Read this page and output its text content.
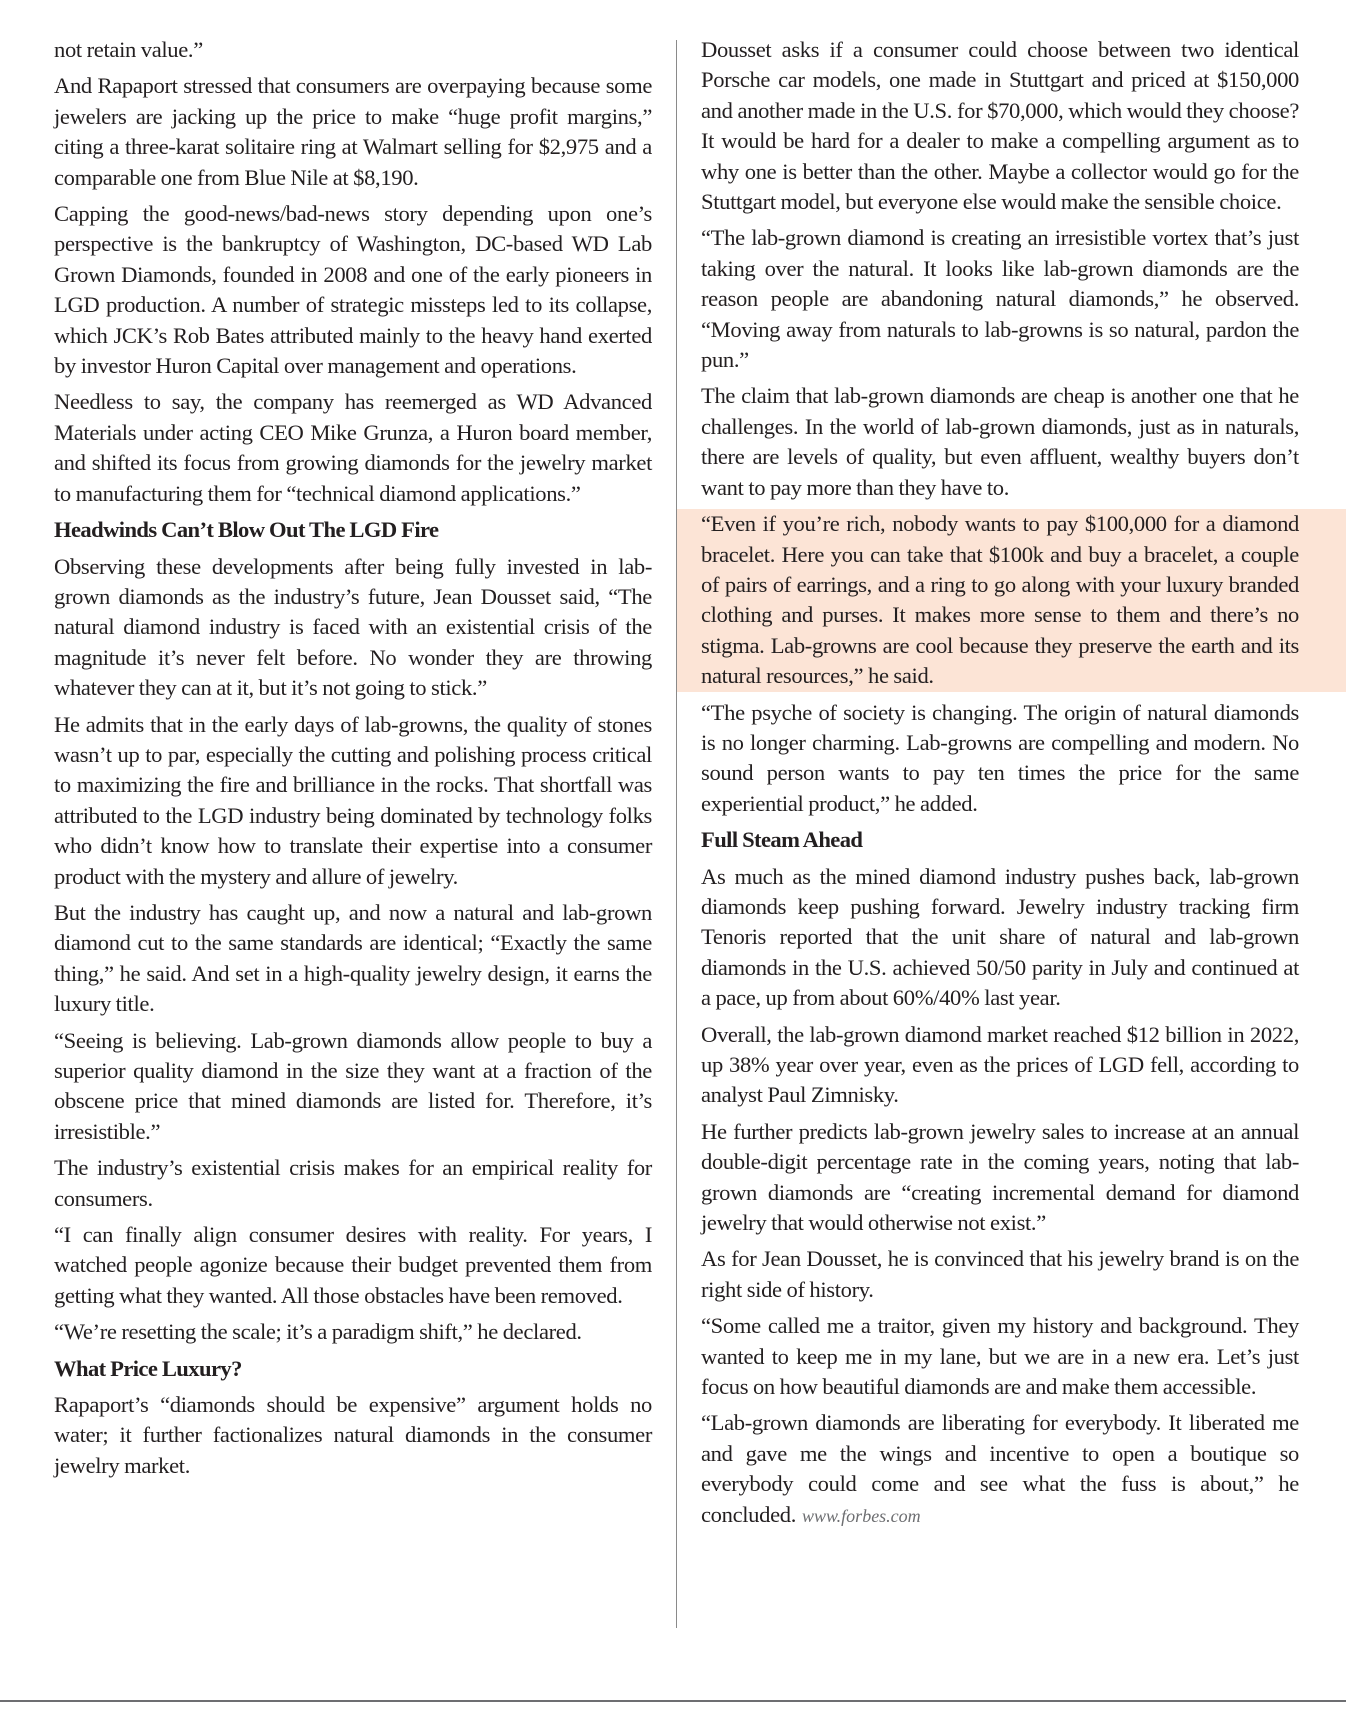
not retain value.”

And Rapaport stressed that consumers are overpaying because some jewelers are jacking up the price to make “huge profit margins,” citing a three-karat solitaire ring at Walmart selling for $2,975 and a comparable one from Blue Nile at $8,190.

Capping the good-news/bad-news story depending upon one’s perspective is the bankruptcy of Washington, DC-based WD Lab Grown Diamonds, founded in 2008 and one of the early pioneers in LGD production. A number of strategic missteps led to its collapse, which JCK’s Rob Bates attributed mainly to the heavy hand exerted by investor Huron Capital over management and operations.

Needless to say, the company has reemerged as WD Advanced Materials under acting CEO Mike Grunza, a Huron board member, and shifted its focus from growing diamonds for the jewelry market to manufacturing them for “technical diamond applications.”

Headwinds Can’t Blow Out The LGD Fire

Observing these developments after being fully invested in lab-grown diamonds as the industry’s future, Jean Dousset said, “The natural diamond industry is faced with an existential crisis of the magnitude it’s never felt before. No wonder they are throwing whatever they can at it, but it’s not going to stick.”

He admits that in the early days of lab-growns, the quality of stones wasn’t up to par, especially the cutting and polishing process critical to maximizing the fire and brilliance in the rocks. That shortfall was attributed to the LGD industry being dominated by technology folks who didn’t know how to translate their expertise into a consumer product with the mystery and allure of jewelry.

But the industry has caught up, and now a natural and lab-grown diamond cut to the same standards are identical; “Exactly the same thing,” he said. And set in a high-quality jewelry design, it earns the luxury title.

“Seeing is believing. Lab-grown diamonds allow people to buy a superior quality diamond in the size they want at a fraction of the obscene price that mined diamonds are listed for. Therefore, it’s irresistible.”

The industry’s existential crisis makes for an empirical reality for consumers.

“I can finally align consumer desires with reality. For years, I watched people agonize because their budget prevented them from getting what they wanted. All those obstacles have been removed.

“We’re resetting the scale; it’s a paradigm shift,” he declared.

What Price Luxury?

Rapaport’s “diamonds should be expensive” argument holds no water; it further factionalizes natural diamonds in the consumer jewelry market.

Dousset asks if a consumer could choose between two identical Porsche car models, one made in Stuttgart and priced at $150,000 and another made in the U.S. for $70,000, which would they choose? It would be hard for a dealer to make a compelling argument as to why one is better than the other. Maybe a collector would go for the Stuttgart model, but everyone else would make the sensible choice.

“The lab-grown diamond is creating an irresistible vortex that’s just taking over the natural. It looks like lab-grown diamonds are the reason people are abandoning natural diamonds,” he observed. “Moving away from naturals to lab-growns is so natural, pardon the pun.”

The claim that lab-grown diamonds are cheap is another one that he challenges. In the world of lab-grown diamonds, just as in naturals, there are levels of quality, but even affluent, wealthy buyers don’t want to pay more than they have to.

“Even if you’re rich, nobody wants to pay $100,000 for a diamond bracelet. Here you can take that $100k and buy a bracelet, a couple of pairs of earrings, and a ring to go along with your luxury branded clothing and purses. It makes more sense to them and there’s no stigma. Lab-growns are cool because they preserve the earth and its natural resources,” he said.

“The psyche of society is changing. The origin of natural diamonds is no longer charming. Lab-growns are compelling and modern. No sound person wants to pay ten times the price for the same experiential product,” he added.

Full Steam Ahead

As much as the mined diamond industry pushes back, lab-grown diamonds keep pushing forward. Jewelry industry tracking firm Tenoris reported that the unit share of natural and lab-grown diamonds in the U.S. achieved 50/50 parity in July and continued at a pace, up from about 60%/40% last year.

Overall, the lab-grown diamond market reached $12 billion in 2022, up 38% year over year, even as the prices of LGD fell, according to analyst Paul Zimnisky.

He further predicts lab-grown jewelry sales to increase at an annual double-digit percentage rate in the coming years, noting that lab-grown diamonds are “creating incremental demand for diamond jewelry that would otherwise not exist.”

As for Jean Dousset, he is convinced that his jewelry brand is on the right side of history.

“Some called me a traitor, given my history and background. They wanted to keep me in my lane, but we are in a new era. Let’s just focus on how beautiful diamonds are and make them accessible.

“Lab-grown diamonds are liberating for everybody. It liberated me and gave me the wings and incentive to open a boutique so everybody could come and see what the fuss is about,” he concluded. www.forbes.com
